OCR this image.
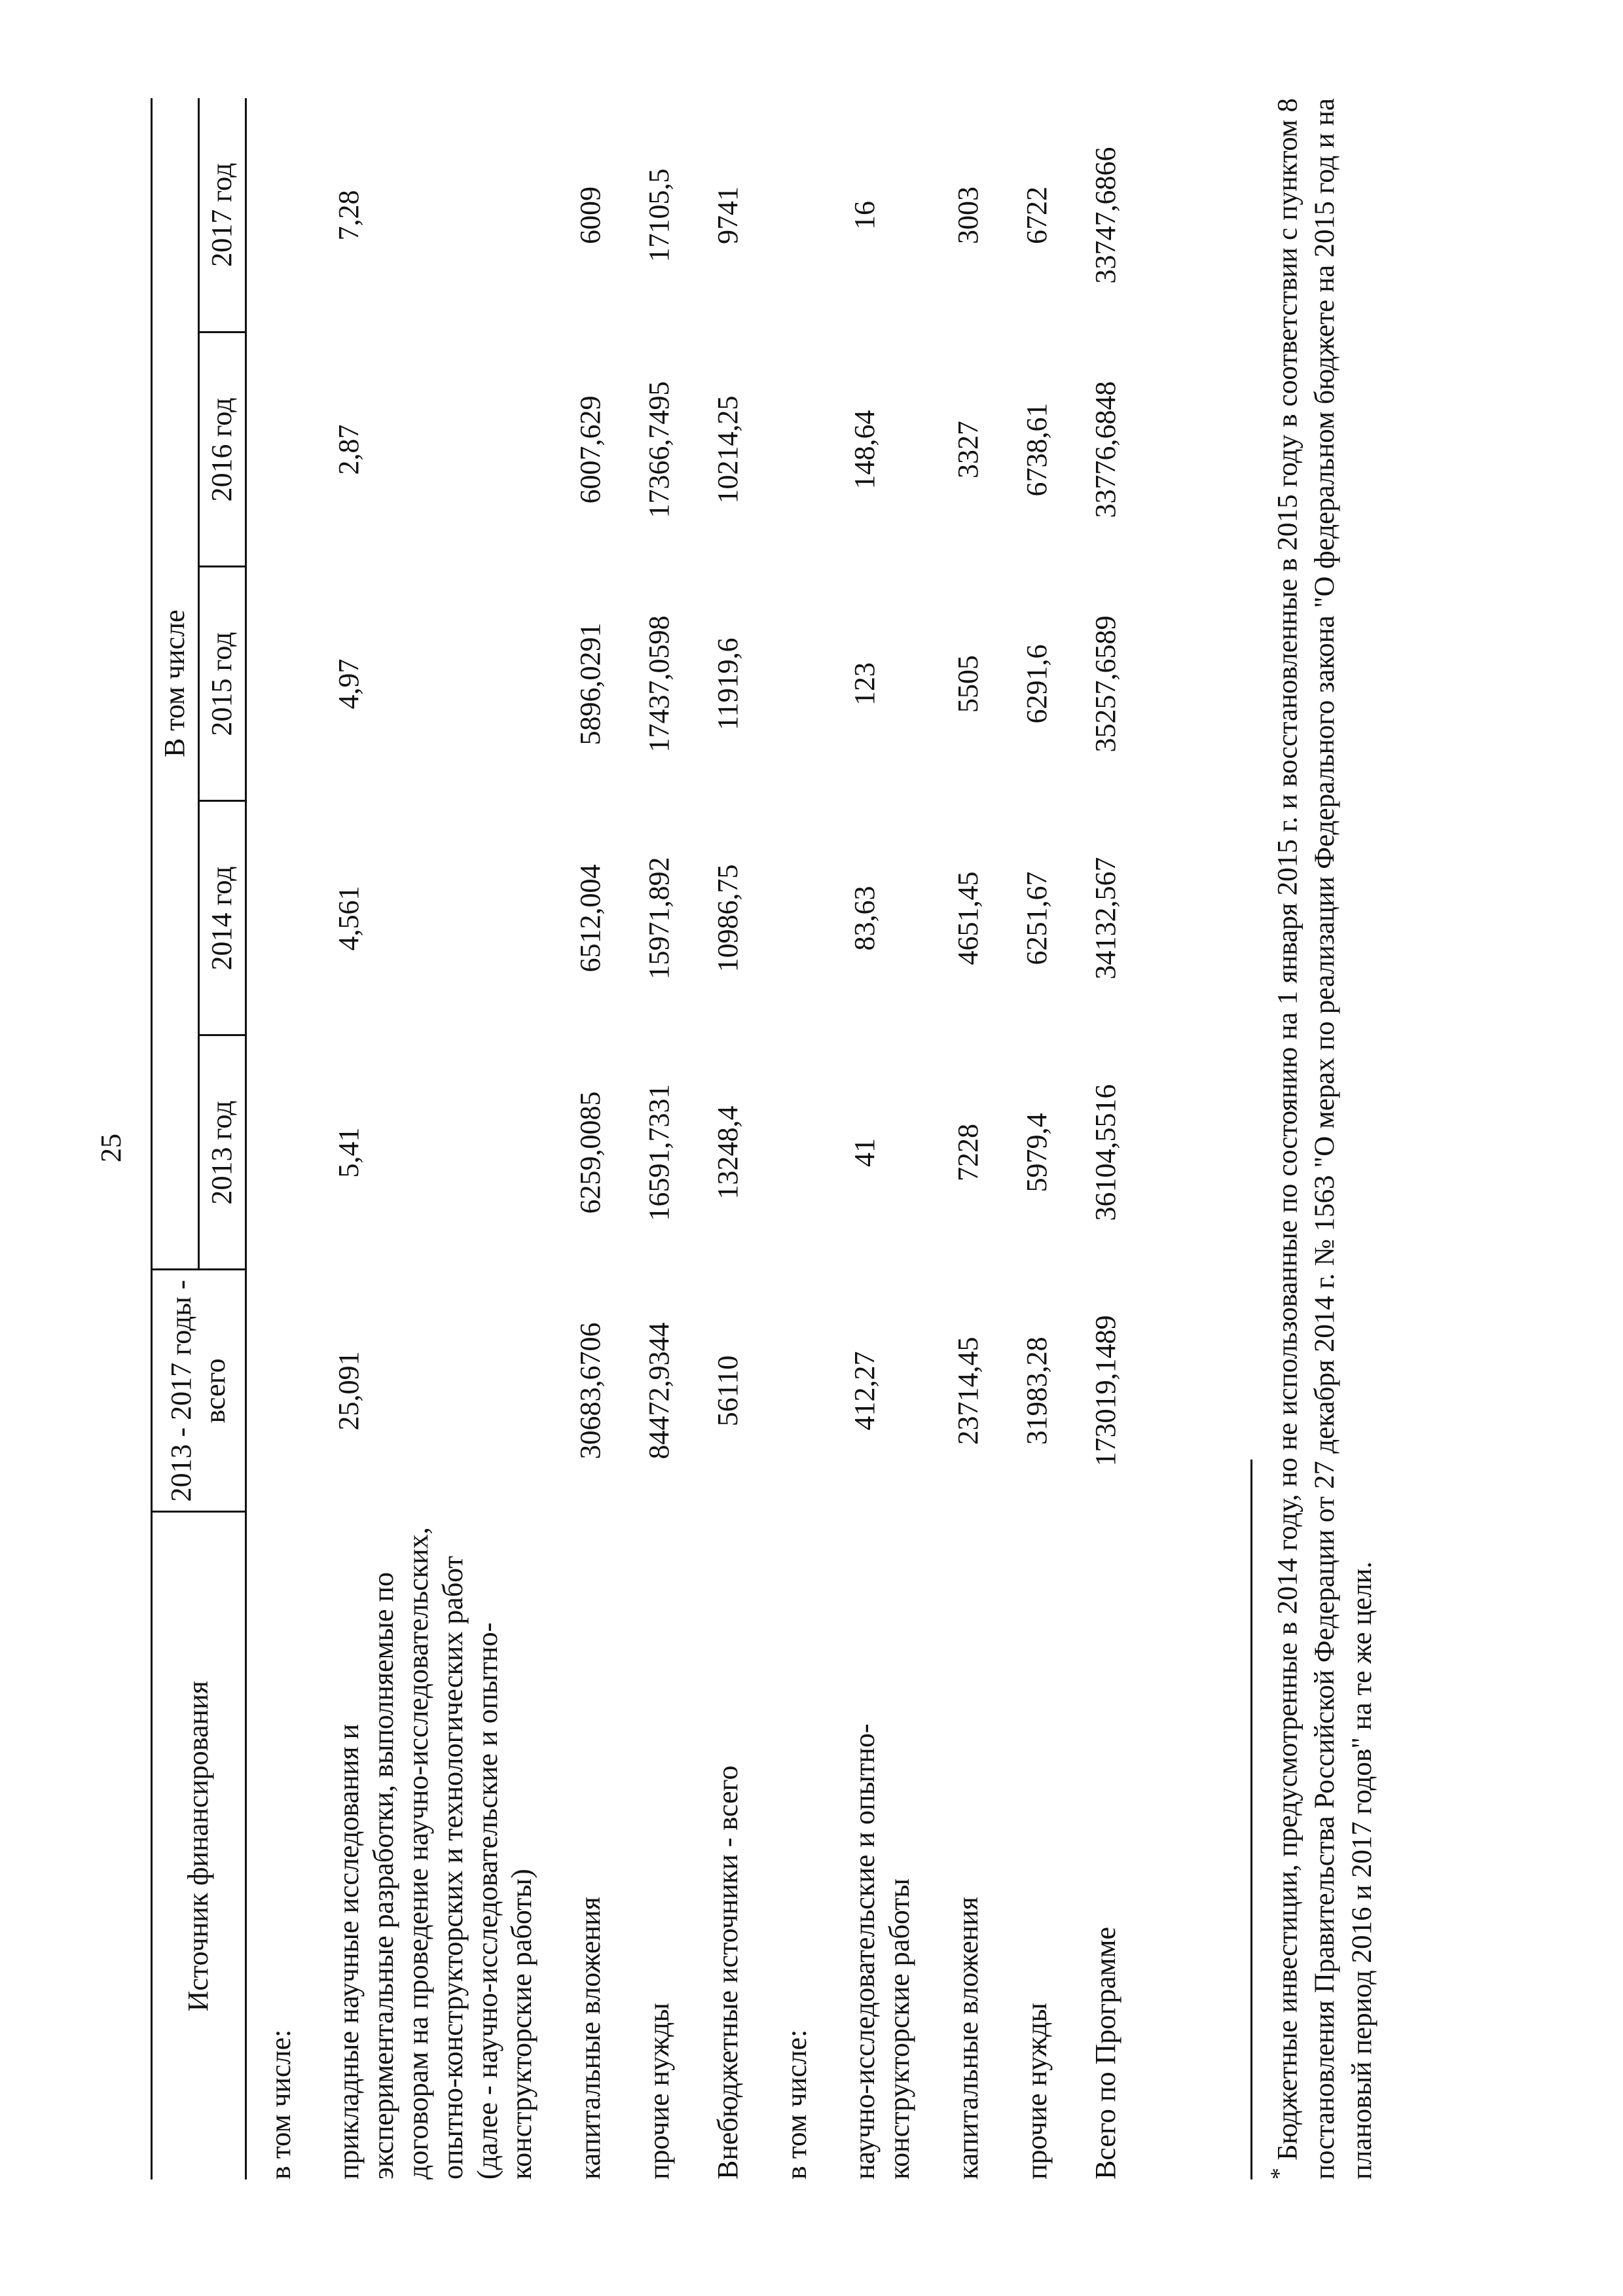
25
Источник финансирования	2013 - 2017 годы - всего	В том числе				
		2013 год	2014 год	2015 год	2016 год	2017 год
в том числе:						
прикладные научные исследования и экспериментальные разработки, выполняемые по договорам на проведение научно-исследовательских, опытно-конструкторских и технологических работ (далее - научно-исследовательские и опытно-конструкторские работы)	25,091	5,41	4,561	4,97	2,87	7,28
капитальные вложения	30683,6706	6259,0085	6512,004	5896,0291	6007,629	6009
прочие нужды	84472,9344	16591,7331	15971,892	17437,0598	17366,7495	17105,5
Внебюджетные источники - всего	56110	13248,4	10986,75	11919,6	10214,25	9741
в том числе:						
научно-исследовательские и опытно-конструкторские работы	412,27	41	83,63	123	148,64	16
капитальные вложения	23714,45	7228	4651,45	5505	3327	3003
прочие нужды	31983,28	5979,4	6251,67	6291,6	6738,61	6722
Всего по Программе	173019,1489	36104,5516	34132,567	35257,6589	33776,6848	33747,6866
* Бюджетные инвестиции, предусмотренные в 2014 году, но не использованные по состоянию на 1 января 2015 г. и восстановленные в 2015 году в соответствии с пунктом 8 постановления Правительства Российской Федерации от 27 декабря 2014 г. № 1563 "О мерах по реализации Федерального закона "О федеральном бюджете на 2015 год и на плановый период 2016 и 2017 годов" на те же цели.
